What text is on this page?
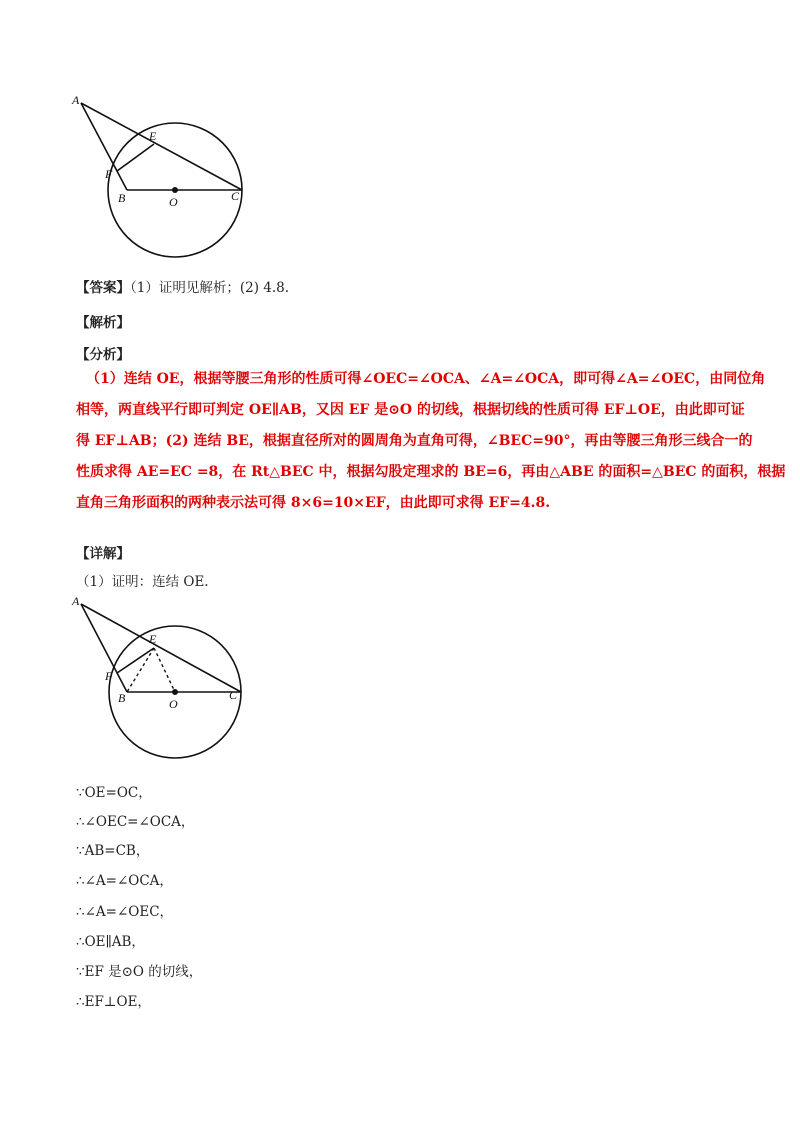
A
E
F
B	O	C
【答案】（1）证明见解析；(2) 4.8.
【解析】
【分析】
（1）连结 OE，根据等腰三角形的性质可得∠OEC=∠OCA、∠A=∠OCA，即可得∠A=∠OEC，由同位角
相等，两直线平行即可判定 OE∥AB，又因 EF 是⊙O 的切线，根据切线的性质可得 EF⊥OE，由此即可证
得 EF⊥AB；(2) 连结 BE，根据直径所对的圆周角为直角可得，∠BEC=90°，再由等腰三角形三线合一的
性质求得 AE=EC =8，在 Rt△BEC 中，根据勾股定理求的 BE=6，再由△ABE 的面积=△BEC 的面积，根据
直角三角形面积的两种表示法可得 8×6=10×EF，由此即可求得 EF=4.8.
【详解】
（1）证明：连结 OE.
A
E
F
B	O
C
∵OE=OC，
∴∠OEC=∠OCA，
∵AB=CB，
∴∠A=∠OCA，
∴∠A=∠OEC，
∴OE∥AB，
∵EF 是⊙O 的切线，
∴EF⊥OE，
